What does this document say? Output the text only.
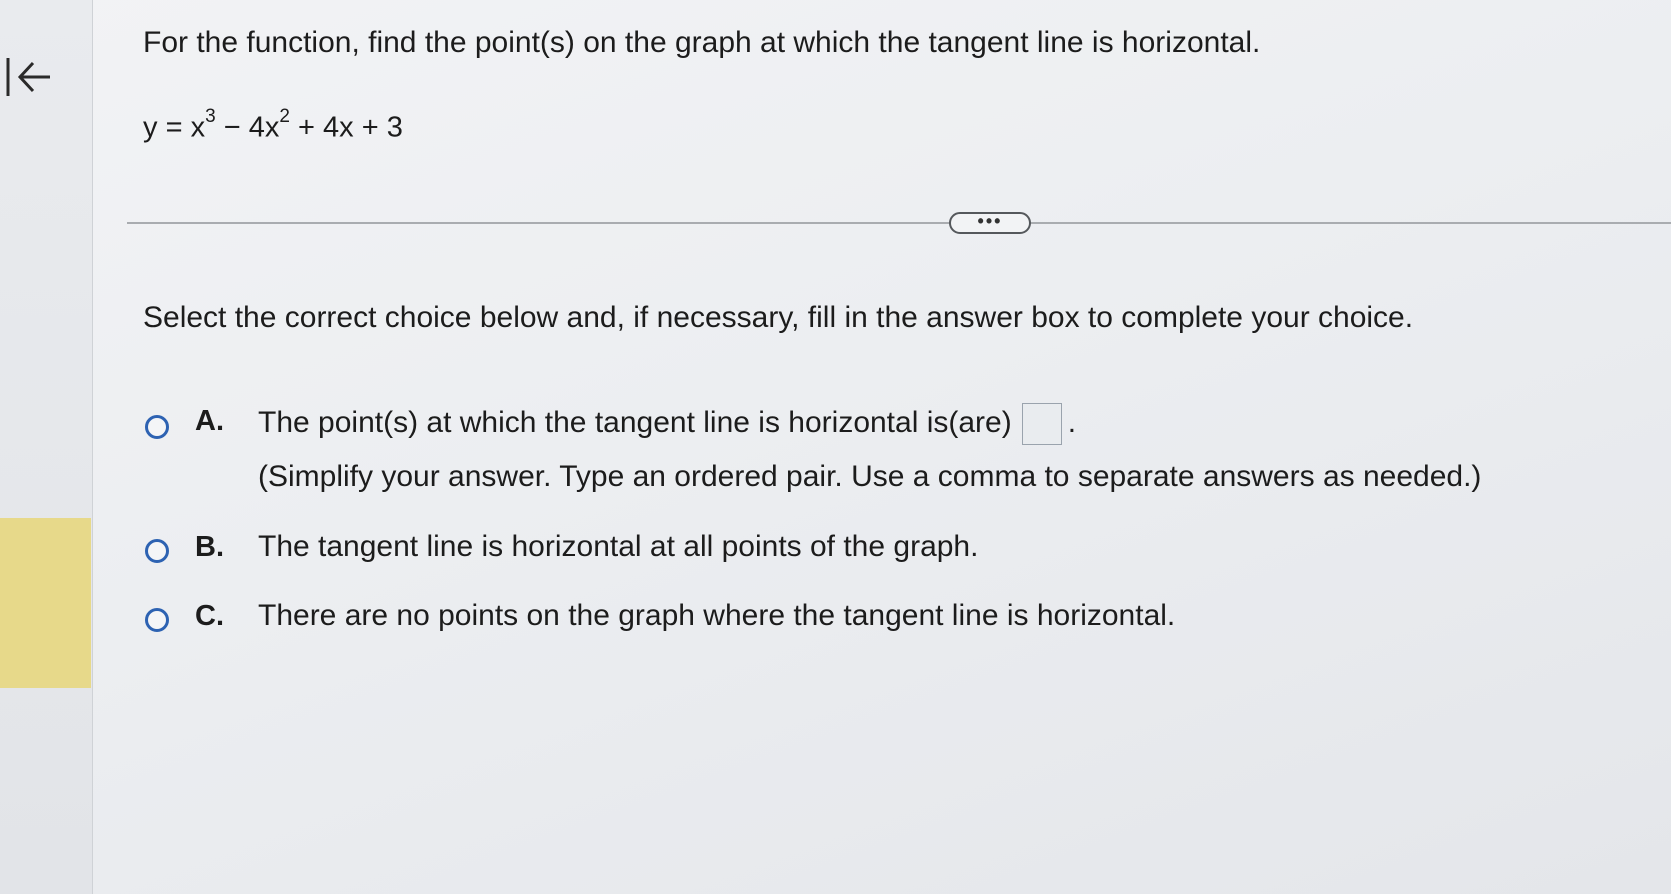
For the function, find the point(s) on the graph at which the tangent line is horizontal.
$y = x^3 - 4x^2 + 4x + 3$
•••
Select the correct choice below and, if necessary, fill in the answer box to complete your choice.
A. The point(s) at which the tangent line is horizontal is(are) .
(Simplify your answer. Type an ordered pair. Use a comma to separate answers as needed.)
B. The tangent line is horizontal at all points of the graph.
C. There are no points on the graph where the tangent line is horizontal.
